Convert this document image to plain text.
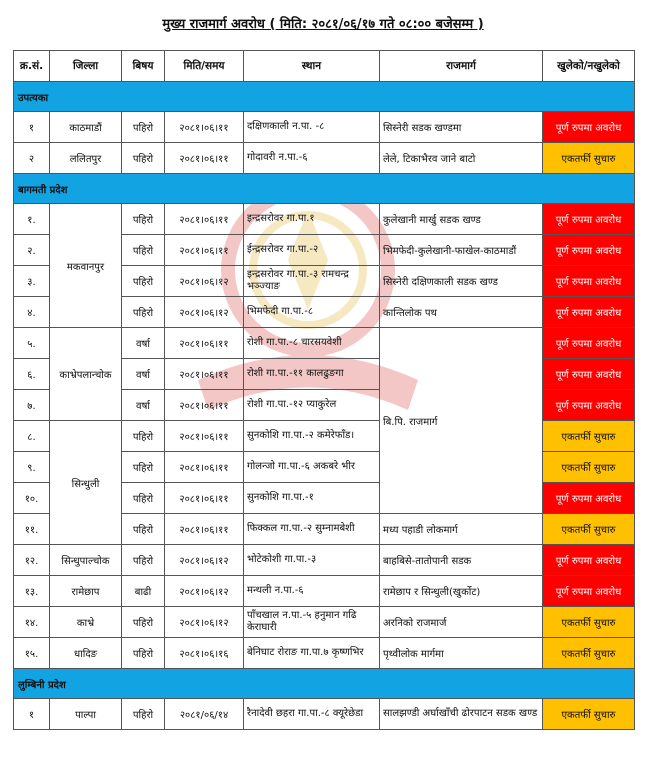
मुख्य राजमार्ग अवरोध ( मिति: २०८१/०६/१७ गते ०८:०० बजेसम्म )
क्र.सं.	जिल्ला	बिषय	मिति/समय	स्थान	राजमार्ग	खुलेको/नखुलेको
उपत्यका						
१	काठमाडौं	पहिरो	२०८१।०६।११	दक्षिणकाली न.पा. -८	सिस्नेरी सडक खण्डमा	पूर्ण रुपमा अवरोध
२	ललितपुर	पहिरो	२०८१।०६।११	गोदावरी न.पा.-६	लेले, टिकाभैरव जाने बाटो	एकतर्फी सुचारु
बागमती प्रदेश						
१.	मकवानपुर	पहिरो	२०८१।०६।११	इन्द्रसरोवर गा.पा.१	कुलेखानी मार्खु सडक खण्ड	पूर्ण रुपमा अवरोध
२.		पहिरो	२०८१।०६।११	ईन्द्रसरोवर गा.पा.-२	भिमफेदी-कुलेखानी-फाखेल-काठमाडौं	पूर्ण रुपमा अवरोध
३.		पहिरो	२०८१।०६।१२	इन्द्रसरोवर गा.पा.-३ रामचन्द्र भञ्ज्याङ	सिस्नेरी दक्षिणकाली सडक खण्ड	पूर्ण रुपमा अवरोध
४.		पहिरो	२०८१।०६।१२	भिमफेदी गा.पा.-८	कान्तिलोक पथ	पूर्ण रुपमा अवरोध
५.	काभ्रेपलान्चोक	वर्षा	२०८१।०६।११	रोशी गा.पा.-८ चारसयवेशी	बि.पि. राजमार्ग	पूर्ण रुपमा अवरोध
६.		वर्षा	२०८१।०६।११	रोशी गा.पा.-११ कालढुङगा		पूर्ण रुपमा अवरोध
७.		वर्षा	२०८१।०६।११	रोशी गा.पा.-१२ प्याकुरेल		पूर्ण रुपमा अवरोध
८.	सिन्धुली	पहिरो	२०८१।०६।११	सुनकोशि गा.पा.-२ कमेरेफाँड।		एकतर्फी सुचारु
९.		पहिरो	२०८१।०६।११	गोलन्जो गा.पा.-६ अकबरे भीर		एकतर्फी सुचारु
१०.		पहिरो	२०८१।०६।११	सुनकोशि गा.पा.-१		पूर्ण रुपमा अवरोध
११.		पहिरो	२०८१।०६।११	फिक्कल गा.पा.-२ सुम्नामबेशी	मध्य पहाडी लोकमार्ग	एकतर्फी सुचारु
१२.	सिन्धुपाल्चोक	पहिरो	२०८१।०६।१२	भोटेकोशी गा.पा.-३	बाहबिसे-तातोपानी सडक	पूर्ण रुपमा अवरोध
१३.	रामेछाप	बाढी	२०८१।०६।१२	मन्थली न.पा.-६	रामेछाप र सिन्धुली(खुर्कोट)	पूर्ण रुपमा अवरोध
१४.	काभ्रे	पहिरो	२०८१।०६।१२	पाँचखाल न.पा.-५ हनुमान गढि केराघारी	अरनिको राजमार्ज	एकतर्फी सुचारु
१५.	धादिङ	पहिरो	२०८१।०६।१६	बेनिघाट रोराङ गा.पा.७ कृष्णभिर	पृथ्वीलोक मार्गमा	एकतर्फी सुचारु
लुम्बिनी प्रदेश						
१	पाल्पा	पहिरो	२०८१/०६/१४	रैनादेवी छहरा गा.पा.-८ क्यूरेछेडा	सालझण्डी अर्घाखाँची ढोरपाटन सडक खण्ड	एकतर्फी सुचारु
